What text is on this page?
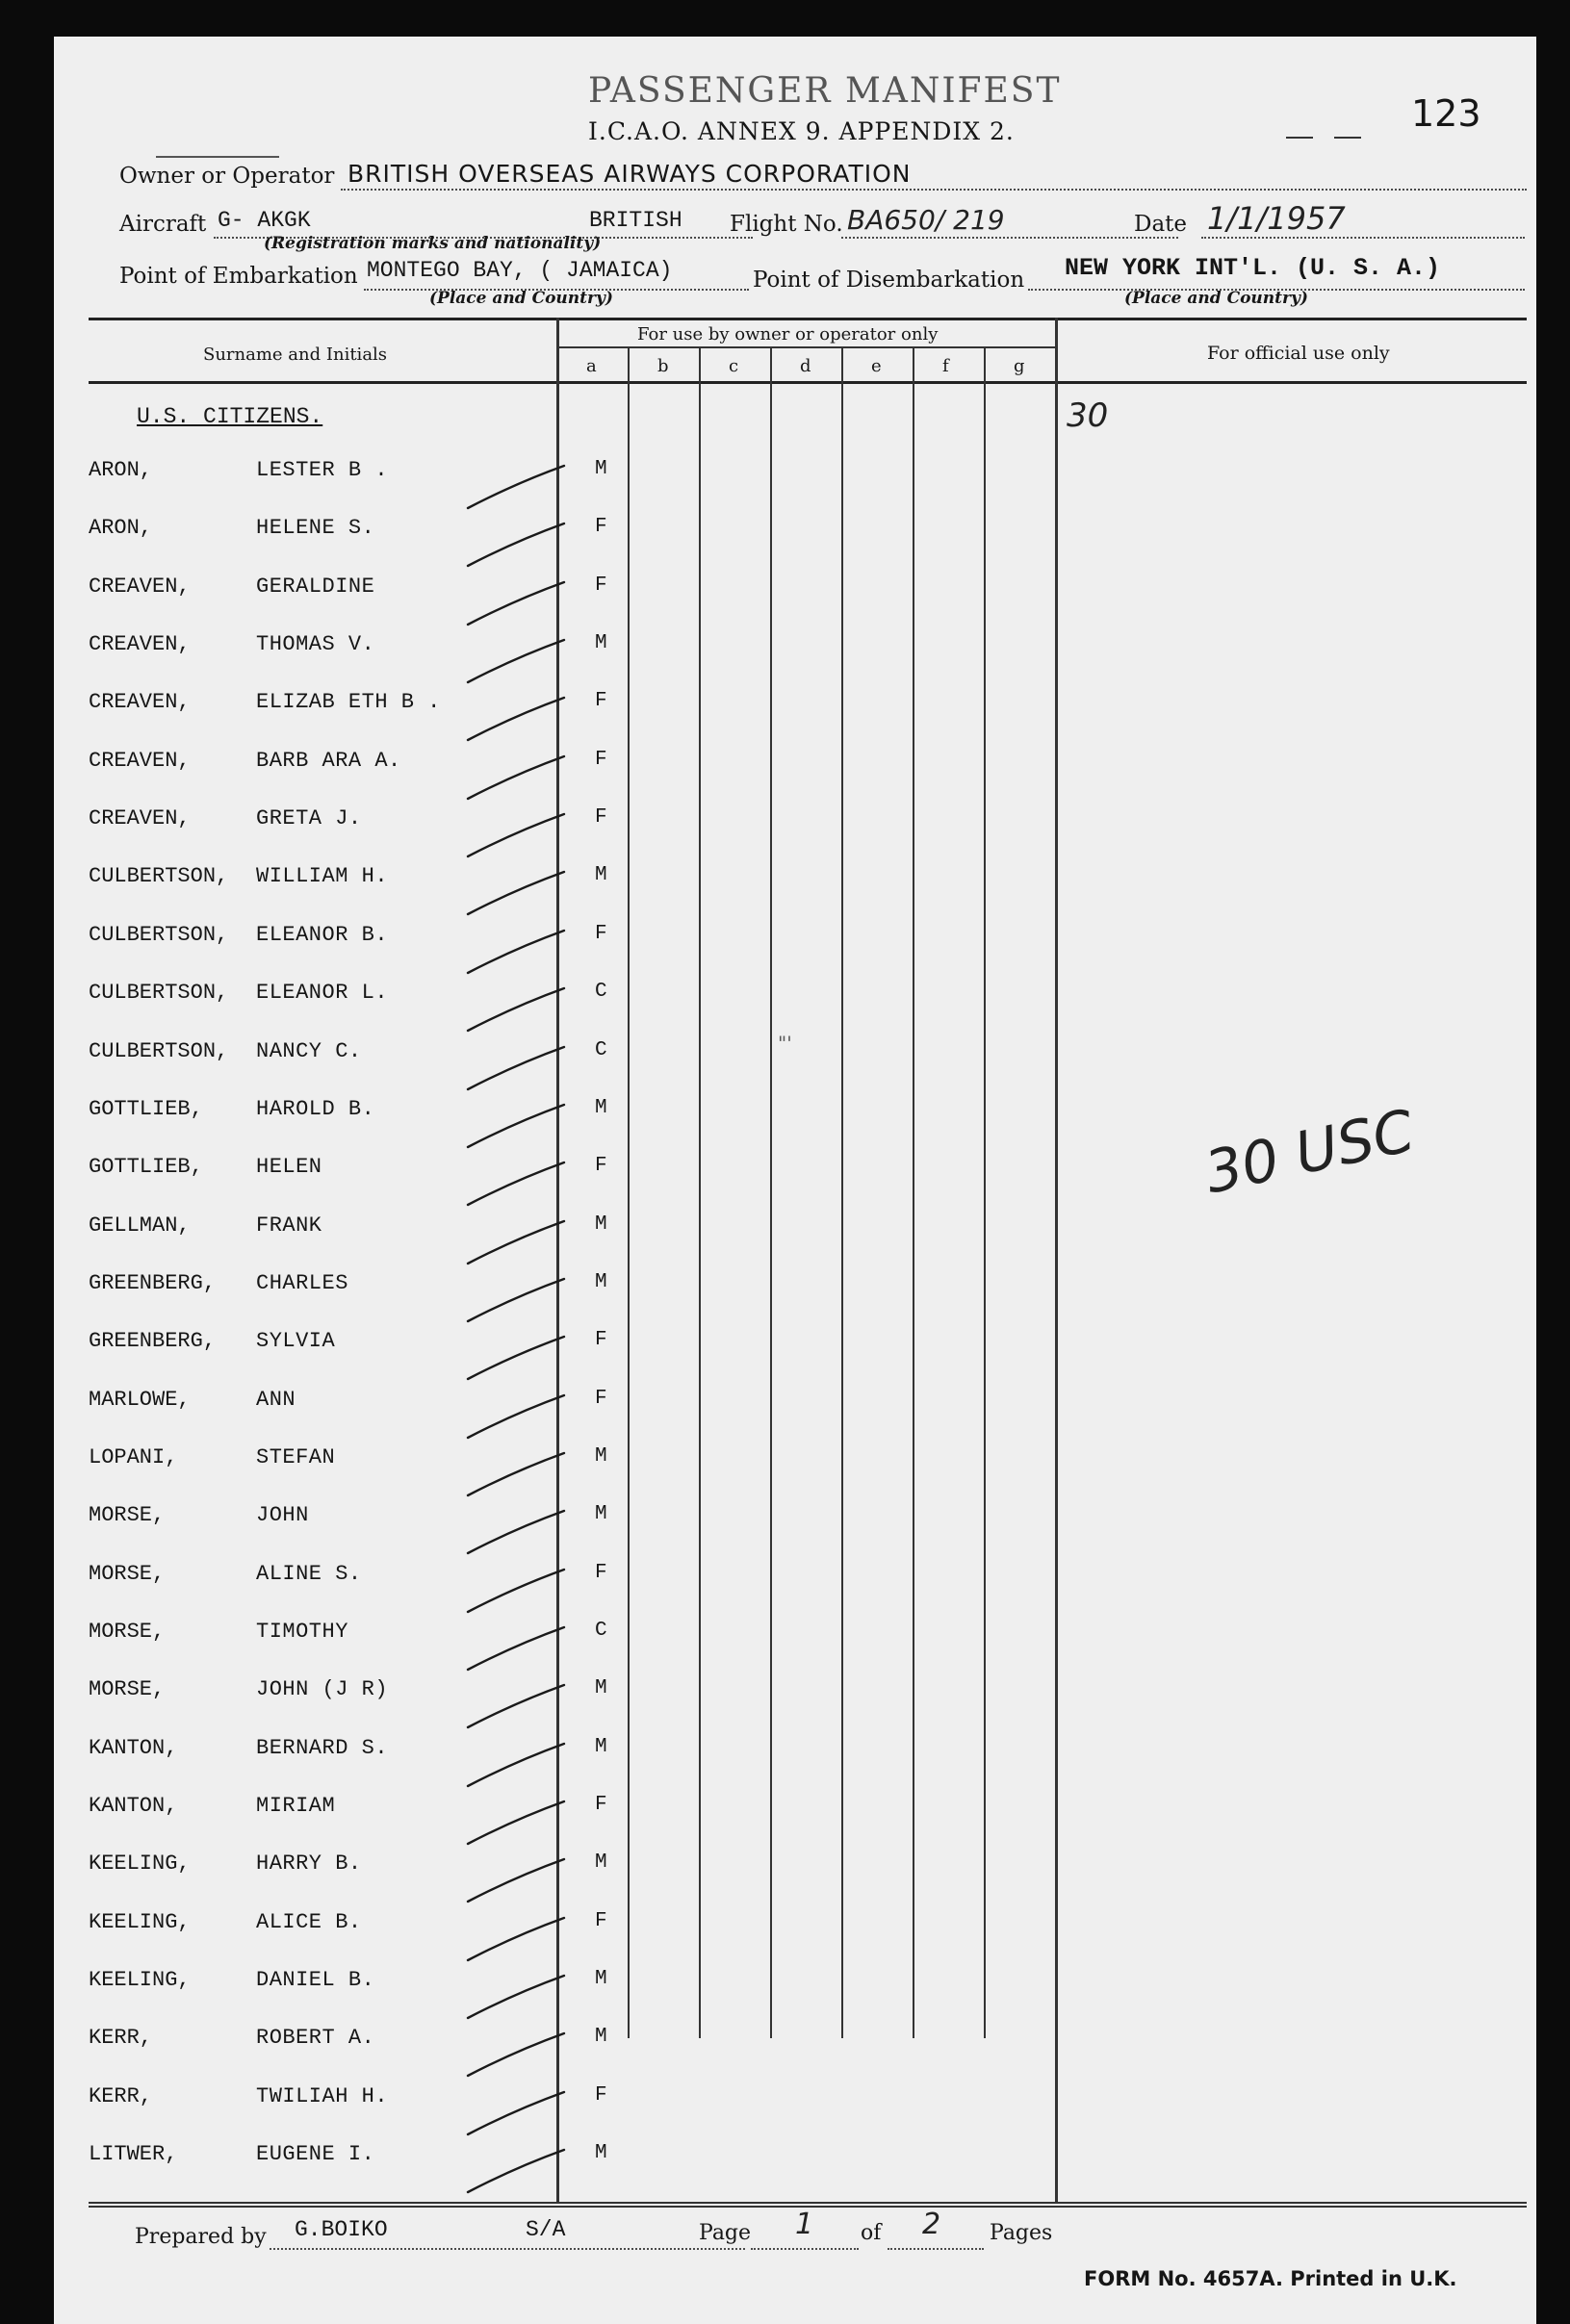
PASSENGER MANIFEST
I.C.A.O. ANNEX 9. APPENDIX 2.	123
Owner or Operator BRITISH OVERSEAS AIRWAYS CORPORATION
Aircraft G- AKGK	BRITISH
(Registration marks and nationality)
Flight No. BA650/ 219	Date 1/1/1957
Point of Embarkation MONTEGO BAY, ( JAMAICA)
(Place and Country)
Point of Disembarkation NEW YORK INT'L. (U. S. A.)
(Place and Country)
Surname and Initials
For use by owner or operator only
For official use only
a	b	c	d	e	f	g
U.S. CITIZENS.	30
30 USC
"'
ARON,	LESTER B .	M
ARON,	HELENE S.	F
CREAVEN,	GERALDINE	F
CREAVEN,	THOMAS V.	M
CREAVEN,	ELIZAB ETH B .	F
CREAVEN,	BARB ARA A.	F
CREAVEN,	GRETA J.	F
CULBERTSON, WILLIAM H.	M
CULBERTSON, ELEANOR B.	F
CULBERTSON, ELEANOR L.	C
CULBERTSON, NANCY C.	C
GOTTLIEB,	HAROLD B.	M
GOTTLIEB,	HELEN	F
GELLMAN,	FRANK	M
GREENBERG, CHARLES	M
GREENBERG, SYLVIA	F
MARLOWE,	ANN	F
LOPANI,	STEFAN	M
MORSE,	JOHN	M
MORSE,	ALINE S.	F
MORSE,	TIMOTHY	C
MORSE,	JOHN (J R)	M
KANTON,	BERNARD S.	M
KANTON,	MIRIAM	F
KEELING,	HARRY B.	M
KEELING,	ALICE B.	F
KEELING,	DANIEL B.	M
KERR,	ROBERT A.	M
KERR,	TWILIAH H.	F
LITWER,	EUGENE I.	M
Prepared by G.BOIKO	S/A	Page 1 of 2 Pages
FORM No. 4657A. Printed in U.K.
